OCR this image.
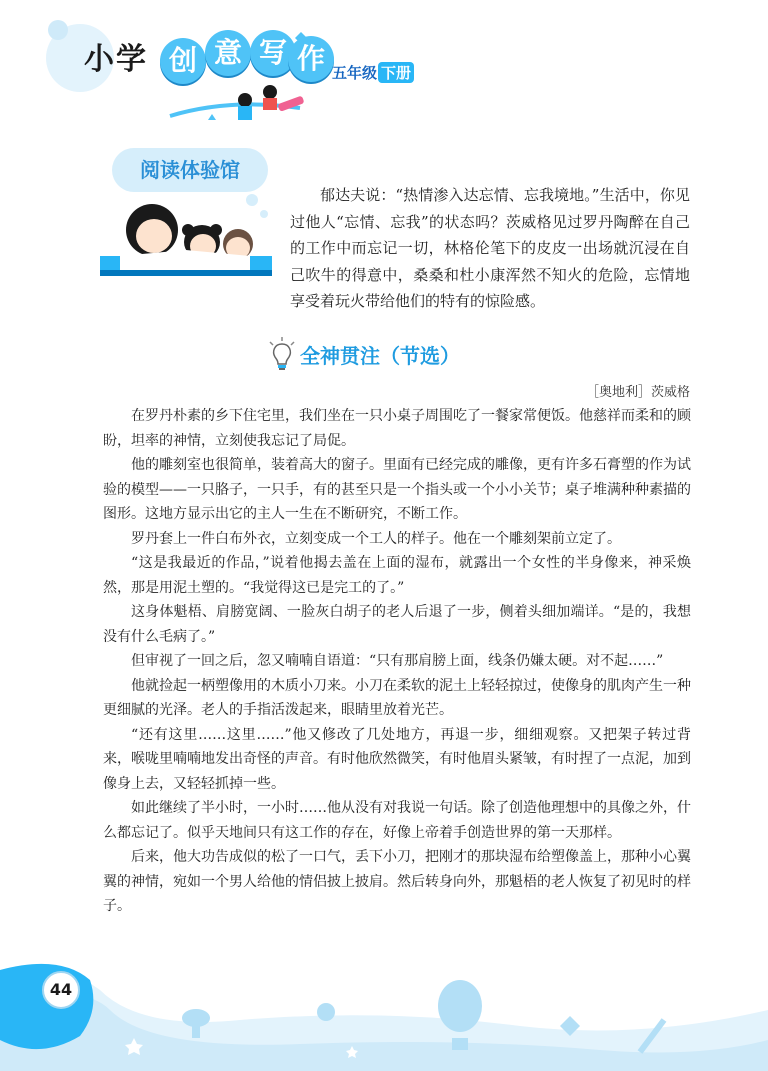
小学 创 意 写 作 五年级 下册
阅读体验馆
郁达夫说：“热情渗入达忘情、忘我境地。”生活中，你见过他人“忘情、忘我”的状态吗？茨威格见过罗丹陶醉在自己的工作中而忘记一切，林格伦笔下的皮皮一出场就沉浸在自己吹牛的得意中，桑桑和杜小康浑然不知火的危险，忘情地享受着玩火带给他们的特有的惊险感。
全神贯注（节选）
［奥地利］茨威格

在罗丹朴素的乡下住宅里，我们坐在一只小桌子周围吃了一餐家常便饭。他慈祥而柔和的顾盼，坦率的神情，立刻使我忘记了局促。

他的雕刻室也很简单，装着高大的窗子。里面有已经完成的雕像，更有许多石膏塑的作为试验的模型——一只胳子，一只手，有的甚至只是一个指头或一个小小关节；桌子堆满种种素描的图形。这地方显示出它的主人一生在不断研究，不断工作。

罗丹套上一件白布外衣，立刻变成一个工人的样子。他在一个雕刻架前立定了。

“这是我最近的作品，”说着他揭去盖在上面的湿布，就露出一个女性的半身像来，神采焕然，那是用泥土塑的。“我觉得这已是完工的了。”

这身体魁梧、肩膀宽阔、一脸灰白胡子的老人后退了一步，侧着头细加端详。“是的，我想没有什么毛病了。”

但审视了一回之后，忽又喃喃自语道：“只有那肩膀上面，线条仍嫌太硬。对不起……”

他就捡起一柄塑像用的木质小刀来。小刀在柔软的泥土上轻轻掠过，使像身的肌肉产生一种更细腻的光泽。老人的手指活泼起来，眼睛里放着光芒。

“还有这里……这里……”他又修改了几处地方，再退一步，细细观察。又把架子转过背来，喉咙里喃喃地发出奇怪的声音。有时他欣然微笑，有时他眉头紧皱，有时捏了一点泥，加到像身上去，又轻轻抓掉一些。

如此继续了半小时，一小时……他从没有对我说一句话。除了创造他理想中的具像之外，什么都忘记了。似乎天地间只有这工作的存在，好像上帝着手创造世界的第一天那样。

后来，他大功告成似的松了一口气，丢下小刀，把刚才的那块湿布给塑像盖上，那种小心翼翼的神情，宛如一个男人给他的情侣披上披肩。然后转身向外，那魁梧的老人恢复了初见时的样子。

44
